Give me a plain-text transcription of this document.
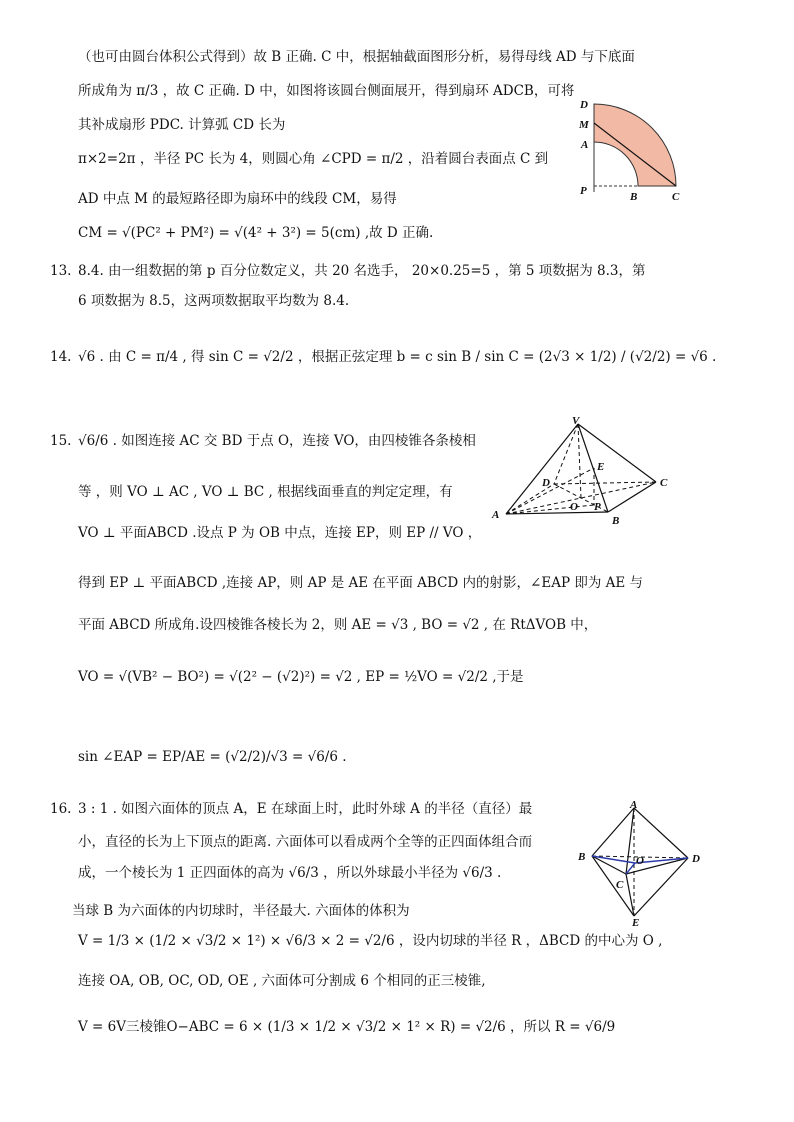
（也可由圆台体积公式得到）故 B 正确. C 中，根据轴截面图形分析，易得母线 AD 与下底面
所成角为 π/3 ，故 C 正确. D 中，如图将该圆台侧面展开，得到扇环 ADCB，可将
其补成扇形 PDC. 计算弧 CD 长为
π×2=2π ，半径 PC 长为 4，则圆心角 ∠CPD = π/2 ，沿着圆台表面点 C 到
AD 中点 M 的最短路径即为扇环中的线段 CM，易得
CM = √(PC² + PM²) = √(4² + 3²) = 5(cm) ,故 D 正确.
D
M
A
P	B	C
13. 8.4. 由一组数据的第 p 百分位数定义，共 20 名选手， 20×0.25=5 ，第 5 项数据为 8.3，第
6 项数据为 8.5，这两项数据取平均数为 8.4.
14. √6 . 由 C = π/4 , 得 sin C = √2/2 ，根据正弦定理 b = c sin B / sin C = (2√3 × 1/2) / (√2/2) = √6 .
15. √6/6 . 如图连接 AC 交 BD 于点 O，连接 VO，由四棱锥各条棱相
等 ，则 VO ⊥ AC , VO ⊥ BC , 根据线面垂直的判定定理，有
VO ⊥ 平面ABCD .设点 P 为 OB 中点，连接 EP，则 EP // VO ，
得到 EP ⊥ 平面ABCD ,连接 AP，则 AP 是 AE 在平面 ABCD 内的射影，∠EAP 即为 AE 与
平面 ABCD 所成角.设四棱锥各棱长为 2，则 AE = √3 , BO = √2 , 在 RtΔVOB 中，
VO = √(VB² − BO²) = √(2² − (√2)²) = √2 , EP = ½VO = √2/2 ,于是
sin ∠EAP = EP/AE = (√2/2)/√3 = √6/6 .
V
E
D
O P
C
A	B
16. 3 : 1 . 如图六面体的顶点 A，E 在球面上时，此时外球 A 的半径（直径）最
小，直径的长为上下顶点的距离. 六面体可以看成两个全等的正四面体组合而
成，一个棱长为 1 正四面体的高为 √6/3 ，所以外球最小半径为 √6/3 .
当球 B 为六面体的内切球时，半径最大. 六面体的体积为
V = 1/3 × (1/2 × √3/2 × 1²) × √6/3 × 2 = √2/6 ，设内切球的半径 R ，ΔBCD 的中心为 O ,
连接 OA, OB, OC, OD, OE , 六面体可分割成 6 个相同的正三棱锥,
V = 6V三棱锥O−ABC = 6 × (1/3 × 1/2 × √3/2 × 1² × R) = √2/6 ，所以 R = √6/9
A
B	O	D
C
E
